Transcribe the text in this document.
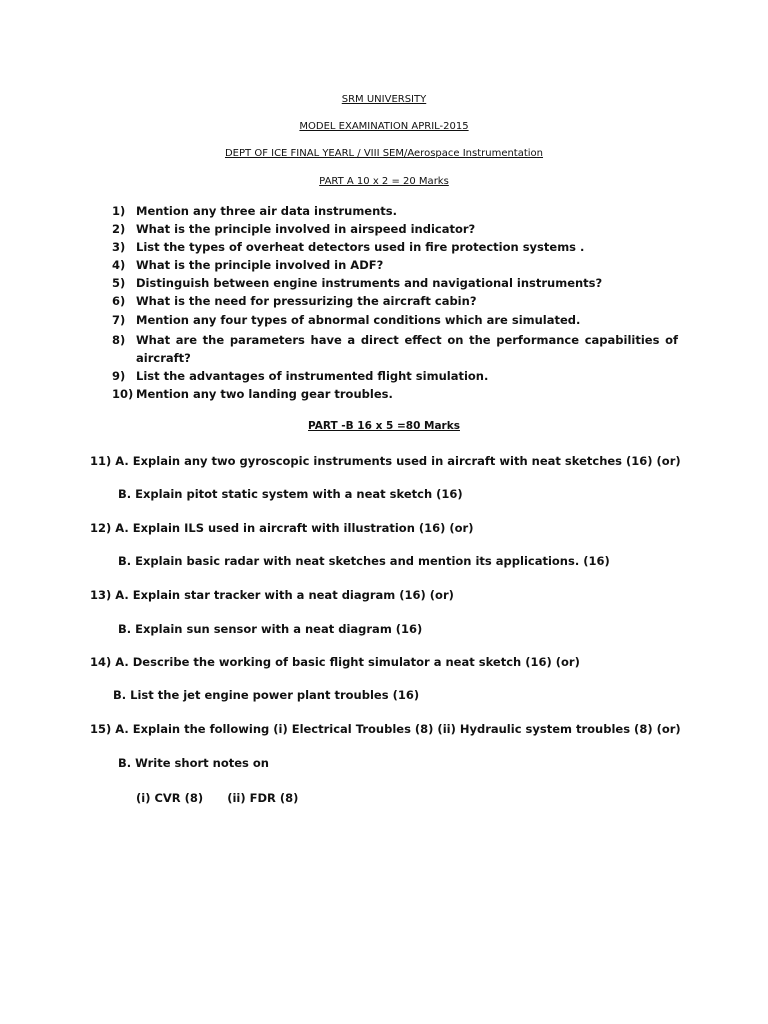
SRM UNIVERSITY
MODEL EXAMINATION APRIL-2015
DEPT OF ICE FINAL YEARL / VIII SEM/Aerospace Instrumentation
PART A 10 x 2 = 20 Marks
1) Mention any three air data instruments.
2) What is the principle involved in airspeed indicator?
3) List the types of overheat detectors used in fire protection systems .
4) What is the principle involved in ADF?
5) Distinguish between engine instruments and navigational instruments?
6) What is the need for pressurizing the aircraft cabin?
7) Mention any four types of abnormal conditions which are simulated.
8) What are the parameters have a direct effect on the performance capabilities of aircraft?
9) List the advantages of instrumented flight simulation.
10) Mention any two landing gear troubles.
PART -B 16 x 5 =80 Marks
11) A. Explain any two gyroscopic instruments used in aircraft with neat sketches (16) (or)
B. Explain pitot static system with a neat sketch (16)
12) A. Explain ILS used in aircraft with illustration (16) (or)
B. Explain basic radar with neat sketches and mention its applications. (16)
13) A. Explain star tracker with a neat diagram (16) (or)
B. Explain sun sensor with a neat diagram (16)
14) A. Describe the working of basic flight simulator a neat sketch (16) (or)
B. List the jet engine power plant troubles (16)
15) A. Explain the following (i) Electrical Troubles (8) (ii) Hydraulic system troubles (8) (or)
B. Write short notes on
(i) CVR (8)      (ii) FDR (8)
